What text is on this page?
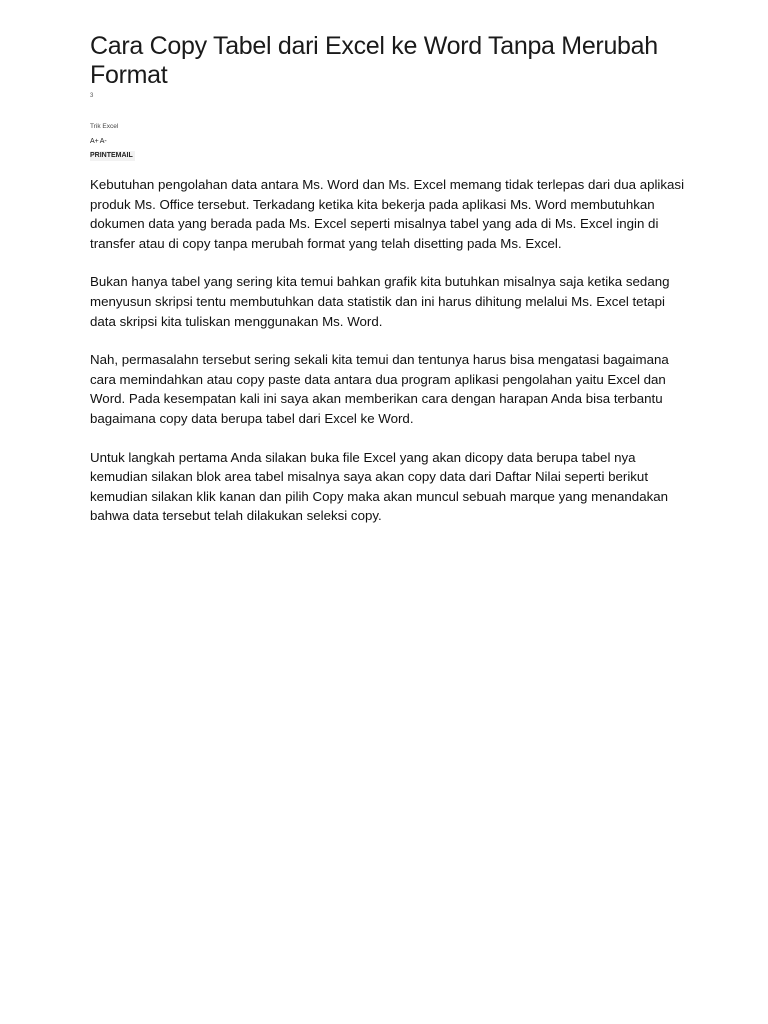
Cara Copy Tabel dari Excel ke Word Tanpa Merubah Format
3
Trik Excel
A+ A-
PRINT EMAIL

Kebutuhan pengolahan data antara Ms. Word dan Ms. Excel memang tidak terlepas dari dua aplikasi produk Ms. Office tersebut. Terkadang ketika kita bekerja pada aplikasi Ms. Word membutuhkan dokumen data yang berada pada Ms. Excel seperti misalnya tabel yang ada di Ms. Excel ingin di transfer atau di copy tanpa merubah format yang telah disetting pada Ms. Excel.

Bukan hanya tabel yang sering kita temui bahkan grafik kita butuhkan misalnya saja ketika sedang menyusun skripsi tentu membutuhkan data statistik dan ini harus dihitung melalui Ms. Excel tetapi data skripsi kita tuliskan menggunakan Ms. Word.

Nah, permasalahn tersebut sering sekali kita temui dan tentunya harus bisa mengatasi bagaimana cara memindahkan atau copy paste data antara dua program aplikasi pengolahan yaitu Excel dan Word. Pada kesempatan kali ini saya akan memberikan cara dengan harapan Anda bisa terbantu bagaimana copy data berupa tabel dari Excel ke Word.

Untuk langkah pertama Anda silakan buka file Excel yang akan dicopy data berupa tabel nya kemudian silakan blok area tabel misalnya saya akan copy data dari Daftar Nilai seperti berikut kemudian silakan klik kanan dan pilih Copy maka akan muncul sebuah marque yang menandakan bahwa data tersebut telah dilakukan seleksi copy.
